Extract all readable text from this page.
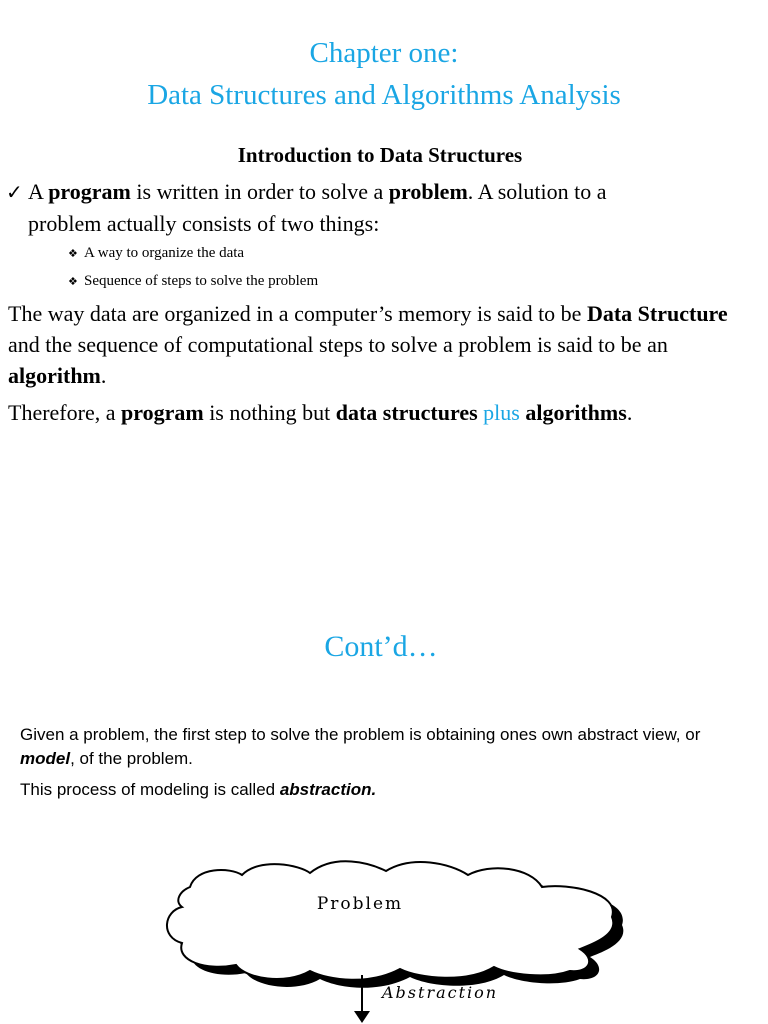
Chapter one:
Data Structures and Algorithms Analysis
Introduction to Data Structures
✓ A program is written in order to solve a problem. A solution to a
problem actually consists of two things:
❖ A way to organize the data
❖ Sequence of steps to solve the problem
The way data are organized in a computer’s memory is said to be Data Structure and the sequence of computational steps to solve a problem is said to be an algorithm.
Therefore, a program is nothing but data structures plus algorithms.
Cont’d…
Given a problem, the first step to solve the problem is obtaining ones own abstract view, or model, of the problem.
This process of modeling is called abstraction.
Problem
Abstraction
